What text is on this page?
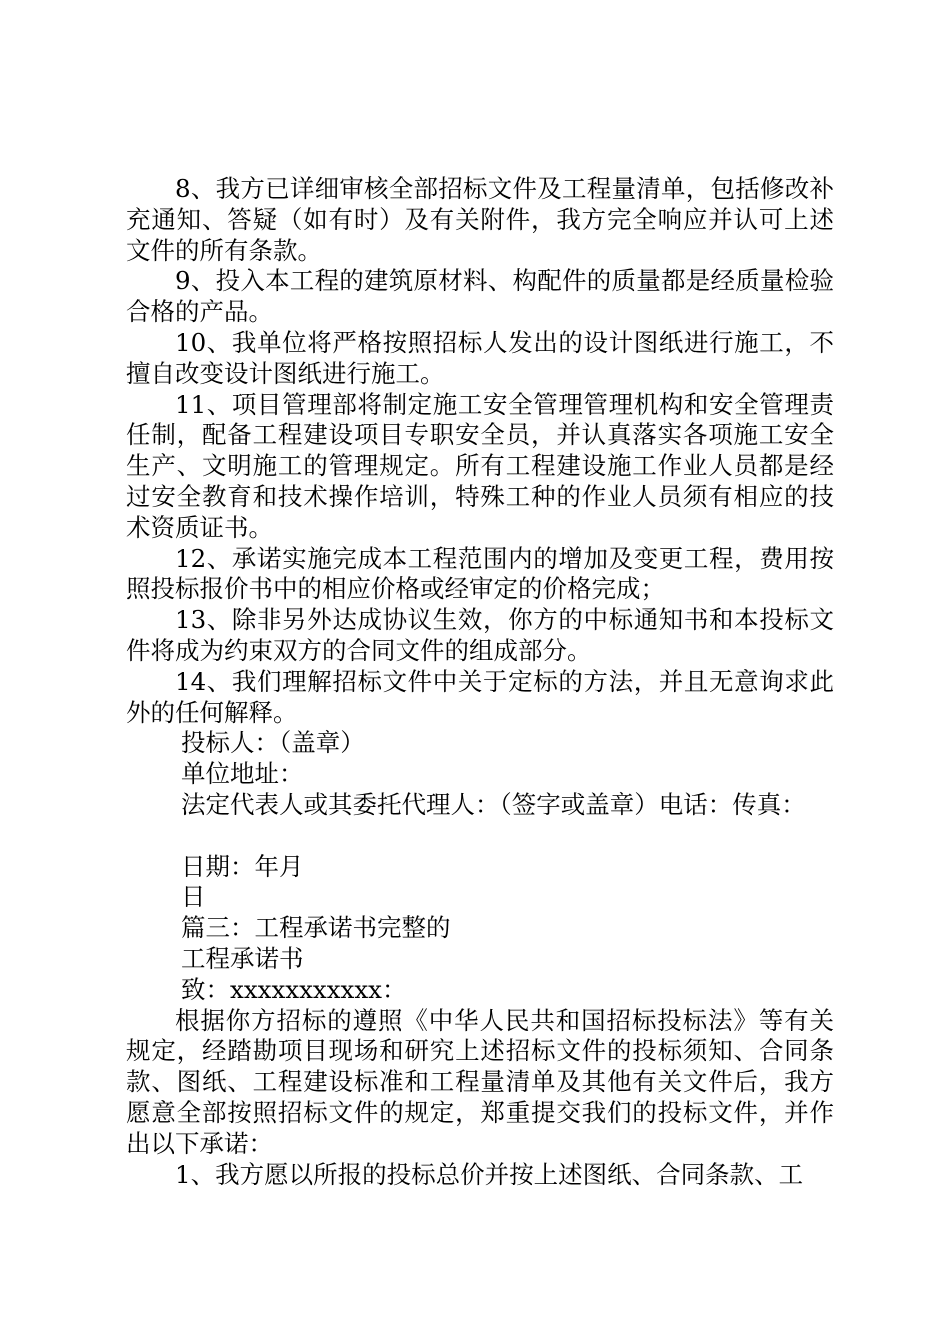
8、我方已详细审核全部招标文件及工程量清单，包括修改补充通知、答疑（如有时）及有关附件，我方完全响应并认可上述文件的所有条款。

9、投入本工程的建筑原材料、构配件的质量都是经质量检验合格的产品。

10、我单位将严格按照招标人发出的设计图纸进行施工，不擅自改变设计图纸进行施工。

11、项目管理部将制定施工安全管理管理机构和安全管理责任制，配备工程建设项目专职安全员，并认真落实各项施工安全生产、文明施工的管理规定。所有工程建设施工作业人员都是经过安全教育和技术操作培训，特殊工种的作业人员须有相应的技术资质证书。

12、承诺实施完成本工程范围内的增加及变更工程，费用按照投标报价书中的相应价格或经审定的价格完成；

13、除非另外达成协议生效，你方的中标通知书和本投标文件将成为约束双方的合同文件的组成部分。

14、我们理解招标文件中关于定标的方法，并且无意询求此外的任何解释。

投标人：（盖章）

单位地址：

法定代表人或其委托代理人：（签字或盖章）电话：传真：

日期：年月

日

篇三：工程承诺书完整的

工程承诺书

致：xxxxxxxxxxx：

根据你方招标的遵照《中华人民共和国招标投标法》等有关规定，经踏勘项目现场和研究上述招标文件的投标须知、合同条款、图纸、工程建设标准和工程量清单及其他有关文件后，我方愿意全部按照招标文件的规定，郑重提交我们的投标文件，并作出以下承诺：

1、我方愿以所报的投标总价并按上述图纸、合同条款、工
